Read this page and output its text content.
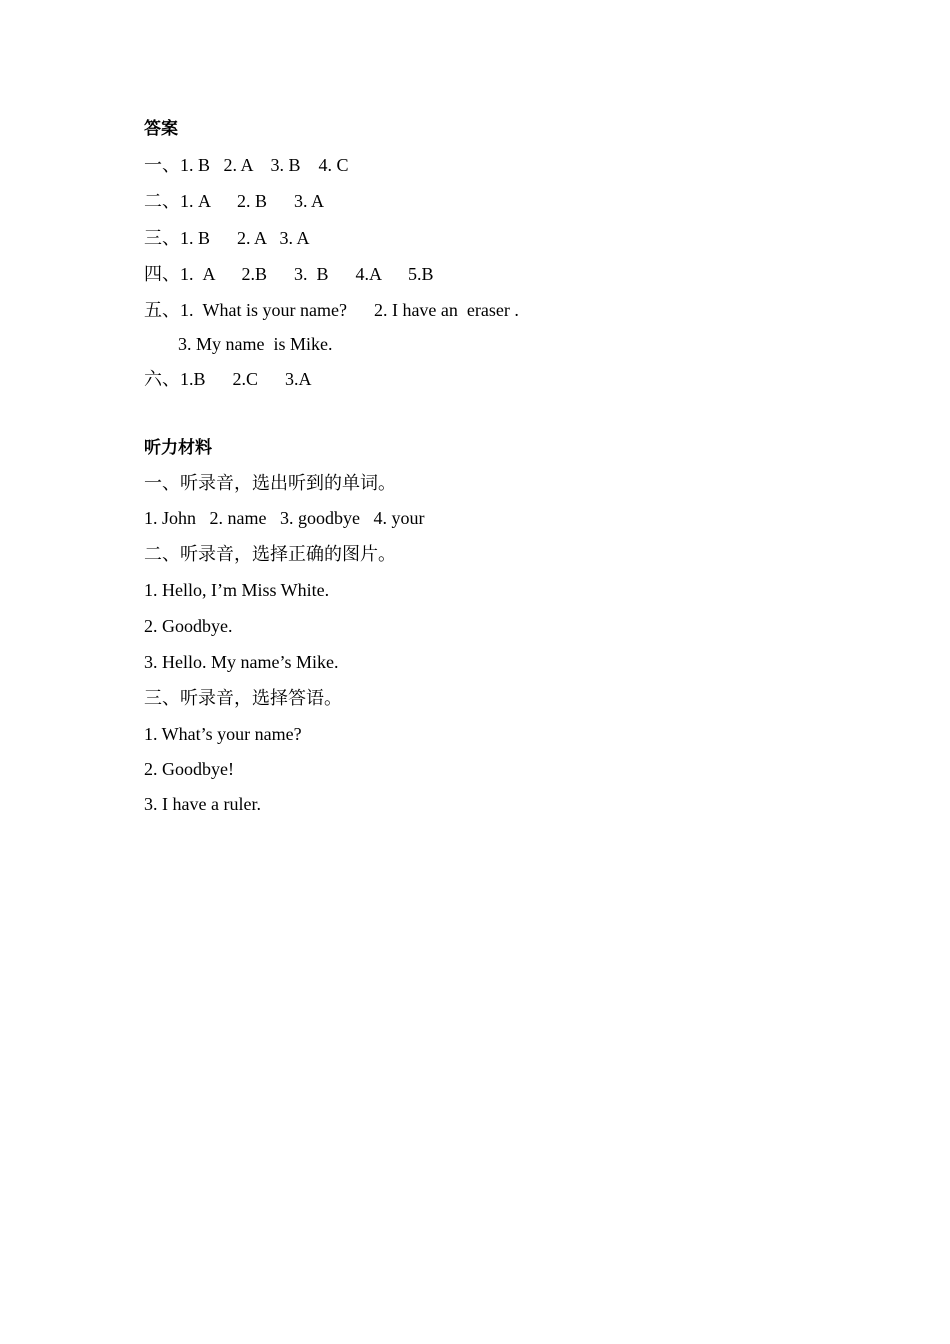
答案
一、1. B   2. A    3. B    4. C
二、1. A      2. B      3. A
三、1. B      2. A   3. A
四、1.  A      2.B      3.  B      4.A      5.B
五、1.  What is your name?      2. I have an  eraser .
3. My name  is Mike.
六、1.B      2.C      3.A
听力材料
一、听录音，选出听到的单词。
1. John   2. name   3. goodbye   4. your
二、听录音，选择正确的图片。
1. Hello, I’m Miss White.
2. Goodbye.
3. Hello. My name’s Mike.
三、听录音，选择答语。
1. What’s your name?
2. Goodbye!
3. I have a ruler.
